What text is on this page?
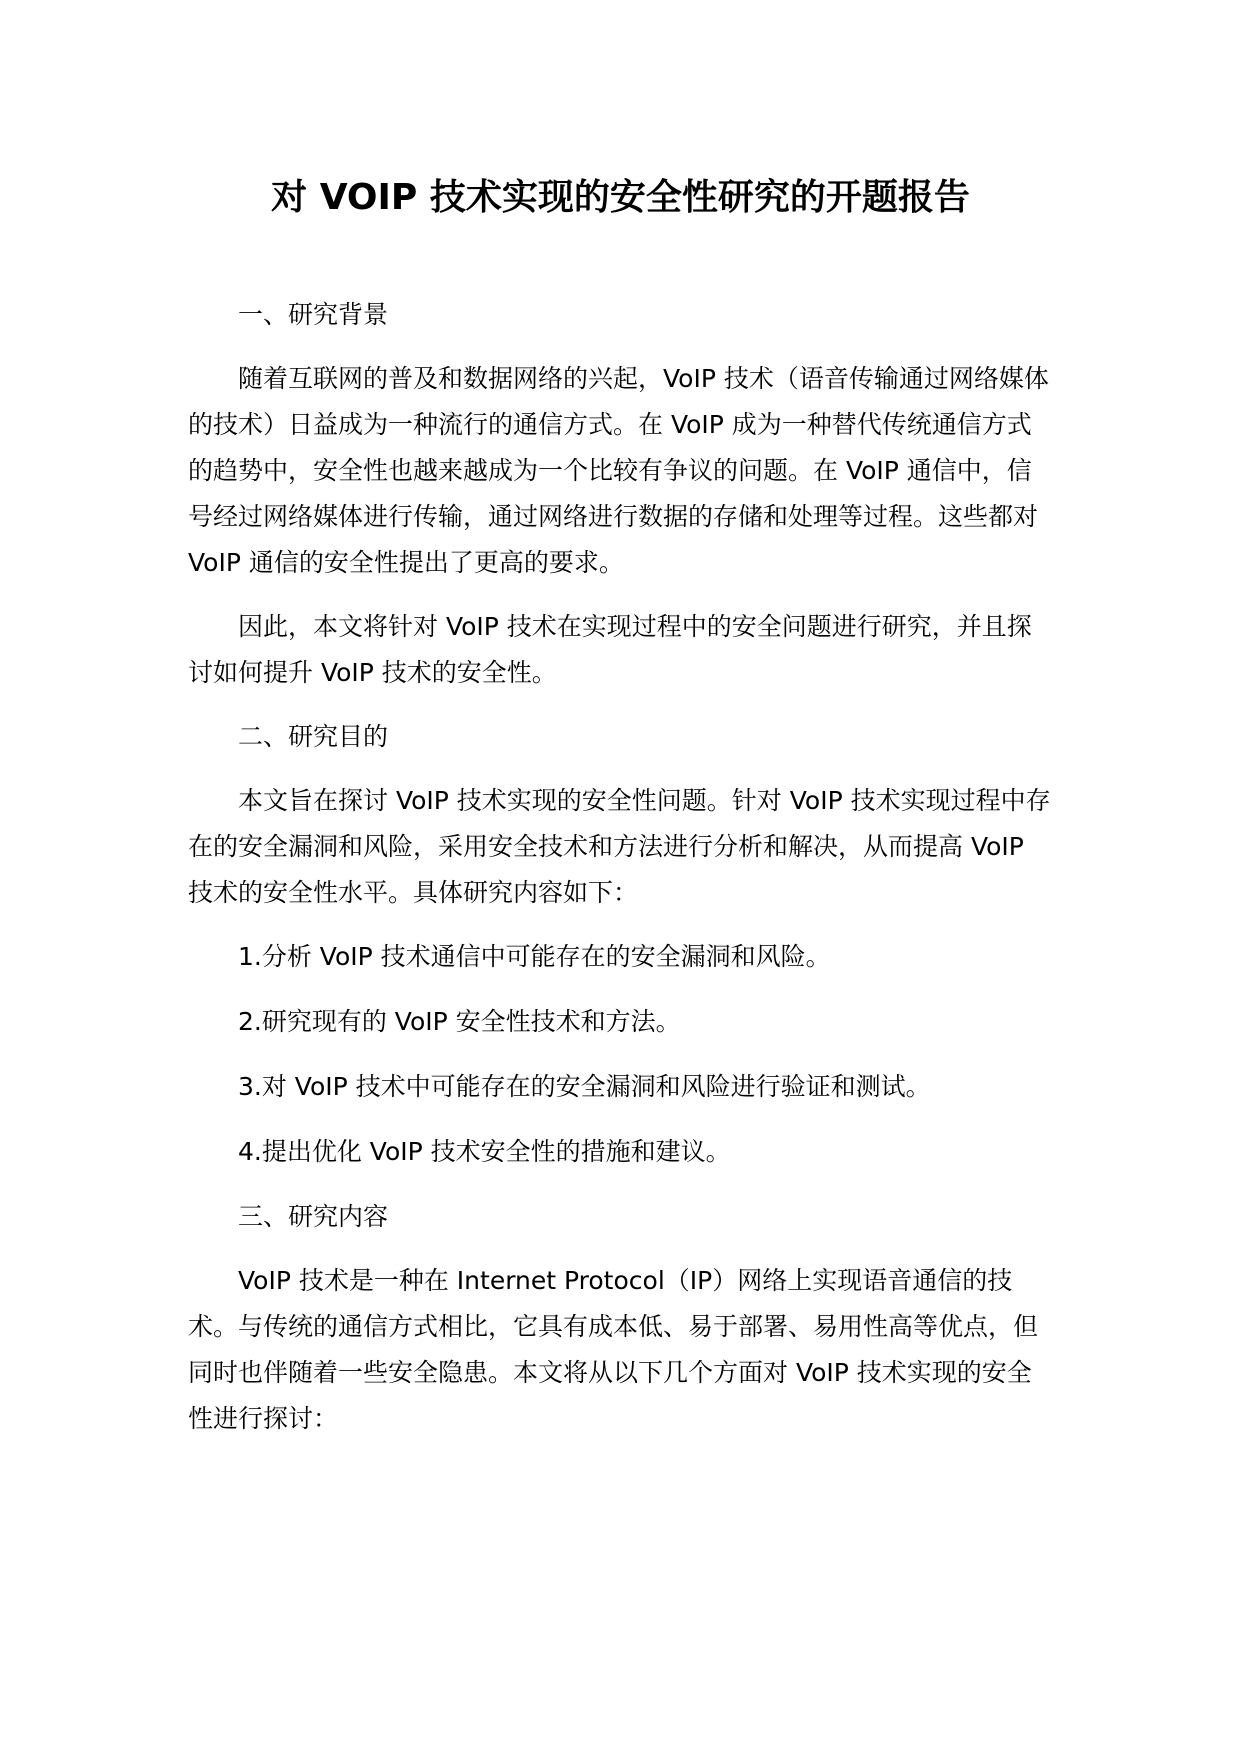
对 VOIP 技术实现的安全性研究的开题报告

一、研究背景

随着互联网的普及和数据网络的兴起，VoIP 技术（语音传输通过网络媒体的技术）日益成为一种流行的通信方式。在 VoIP 成为一种替代传统通信方式的趋势中，安全性也越来越成为一个比较有争议的问题。在 VoIP 通信中，信号经过网络媒体进行传输，通过网络进行数据的存储和处理等过程。这些都对 VoIP 通信的安全性提出了更高的要求。

因此，本文将针对 VoIP 技术在实现过程中的安全问题进行研究，并且探讨如何提升 VoIP 技术的安全性。

二、研究目的

本文旨在探讨 VoIP 技术实现的安全性问题。针对 VoIP 技术实现过程中存在的安全漏洞和风险，采用安全技术和方法进行分析和解决，从而提高 VoIP 技术的安全性水平。具体研究内容如下：

1.分析 VoIP 技术通信中可能存在的安全漏洞和风险。

2.研究现有的 VoIP 安全性技术和方法。

3.对 VoIP 技术中可能存在的安全漏洞和风险进行验证和测试。

4.提出优化 VoIP 技术安全性的措施和建议。

三、研究内容

VoIP 技术是一种在 Internet Protocol（IP）网络上实现语音通信的技术。与传统的通信方式相比，它具有成本低、易于部署、易用性高等优点，但同时也伴随着一些安全隐患。本文将从以下几个方面对 VoIP 技术实现的安全性进行探讨：
